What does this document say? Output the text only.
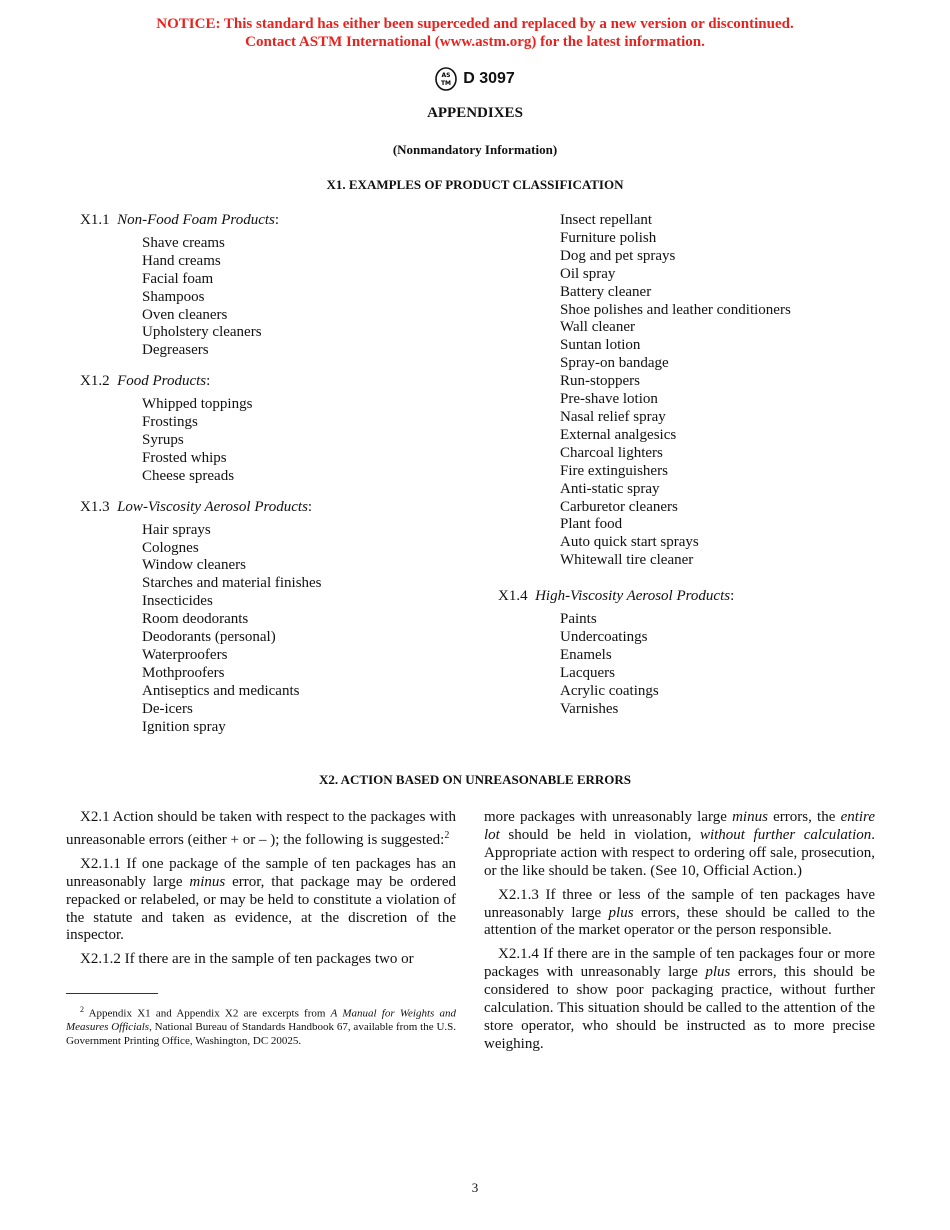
NOTICE: This standard has either been superceded and replaced by a new version or discontinued.
Contact ASTM International (www.astm.org) for the latest information.
AS
TM D 3097
APPENDIXES
(Nonmandatory Information)
X1. EXAMPLES OF PRODUCT CLASSIFICATION
X1.1 Non-Food Foam Products:
Shave creams
Hand creams
Facial foam
Shampoos
Oven cleaners
Upholstery cleaners
Degreasers
X1.2 Food Products:
Whipped toppings
Frostings
Syrups
Frosted whips
Cheese spreads
X1.3 Low-Viscosity Aerosol Products:
Hair sprays
Colognes
Window cleaners
Starches and material finishes
Insecticides
Room deodorants
Deodorants (personal)
Waterproofers
Mothproofers
Antiseptics and medicants
De-icers
Ignition spray
Insect repellant
Furniture polish
Dog and pet sprays
Oil spray
Battery cleaner
Shoe polishes and leather conditioners
Wall cleaner
Suntan lotion
Spray-on bandage
Run-stoppers
Pre-shave lotion
Nasal relief spray
External analgesics
Charcoal lighters
Fire extinguishers
Anti-static spray
Carburetor cleaners
Plant food
Auto quick start sprays
Whitewall tire cleaner
X1.4 High-Viscosity Aerosol Products:
Paints
Undercoatings
Enamels
Lacquers
Acrylic coatings
Varnishes
X2. ACTION BASED ON UNREASONABLE ERRORS

X2.1 Action should be taken with respect to the packages with unreasonable errors (either + or – ); the following is suggested:$^2$

X2.1.1 If one package of the sample of ten packages has an unreasonably large minus error, that package may be ordered repacked or relabeled, or may be held to constitute a violation of the statute and taken as evidence, at the discretion of the inspector.

X2.1.2 If there are in the sample of ten packages two or

more packages with unreasonably large minus errors, the entire lot should be held in violation, without further calculation. Appropriate action with respect to ordering off sale, prosecution, or the like should be taken. (See 10, Official Action.)

X2.1.3 If three or less of the sample of ten packages have unreasonably large plus errors, these should be called to the attention of the market operator or the person responsible.

X2.1.4 If there are in the sample of ten packages four or more packages with unreasonably large plus errors, this should be considered to show poor packaging practice, without further calculation. This situation should be called to the attention of the store operator, who should be instructed as to more precise weighing.

$^2$ Appendix X1 and Appendix X2 are excerpts from A Manual for Weights and Measures Officials, National Bureau of Standards Handbook 67, available from the U.S. Government Printing Office, Washington, DC 20025.
3
